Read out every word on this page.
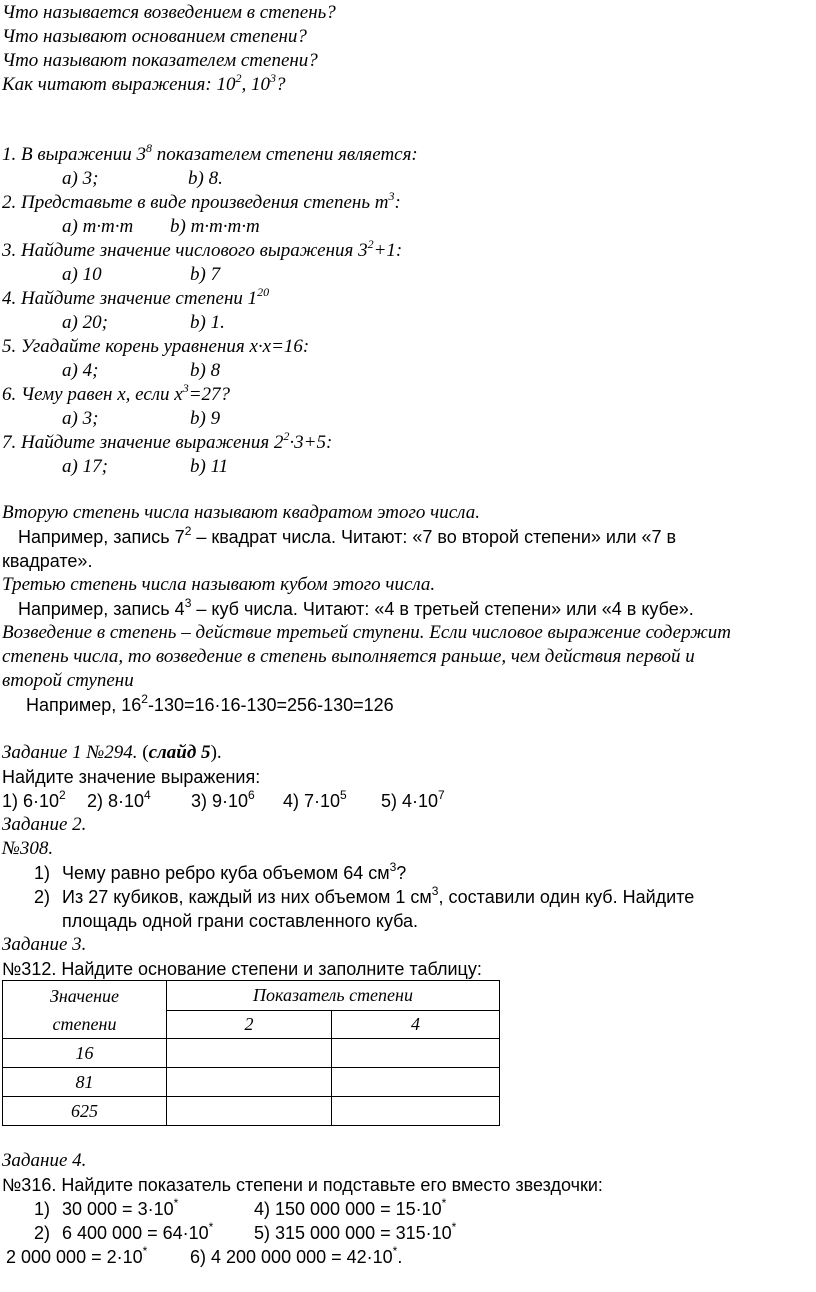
Что называется возведением в степень?
Что называют основанием степени?
Что называют показателем степени?
Как читают выражения: $10^2$, $10^3$?
1. В выражении $3^8$ показателем степени является:
a) 3;	b) 8.
2. Представьте в виде произведения степень $m^3$:
a) m·m·m b) m·m·m·m
3. Найдите значение числового выражения $3^2+1$:
a) 10	b) 7
4. Найдите значение степени $1^{20}$
a) 20;	b) 1.
5. Угадайте корень уравнения x·x=16:
a) 4;	b) 8
6. Чему равен x, если $x^3=27$?
a) 3;	b) 9
7. Найдите значение выражения $2^2\cdot 3+5$:
a) 17;	b) 11
Вторую степень числа называют квадратом этого числа.
Например, запись $7^2$ – квадрат числа. Читают: «7 во второй степени» или «7 в
квадрате».
Третью степень числа называют кубом этого числа.
Например, запись $4^3$ – куб числа. Читают: «4 в третьей степени» или «4 в кубе».
Возведение в степень – действие третьей ступени. Если числовое выражение содержит
степень числа, то возведение в степень выполняется раньше, чем действия первой и
второй ступени
Например, $16^2-130=16\cdot 16-130=256-130=126$
Задание 1 №294. (слайд 5).
Найдите значение выражения:
1) $6\cdot 10^2$ 2) $8\cdot 10^4$ 3) $9\cdot 10^6$ 4) $7\cdot 10^5$ 5) $4\cdot 10^7$
Задание 2.
№308.
1) Чему равно ребро куба объемом 64 $см^3$?
2) Из 27 кубиков, каждый из них объемом 1 $см^3$, составили один куб. Найдите
площадь одной грани составленного куба.
Задание 3.
№312. Найдите основание степени и заполните таблицу:
Значение
степени	Показатель степени	
	2	4
16		
81		
625		
Задание 4.
№316. Найдите показатель степени и подставьте его вместо звездочки:
1) 30 000 = 3·10*	4) 150 000 000 = 15·10*
2) 6 400 000 = 64·10* 5) 315 000 000 = 315·10*
2 000 000 = 2·10* 6) 4 200 000 000 = 42·10*.
